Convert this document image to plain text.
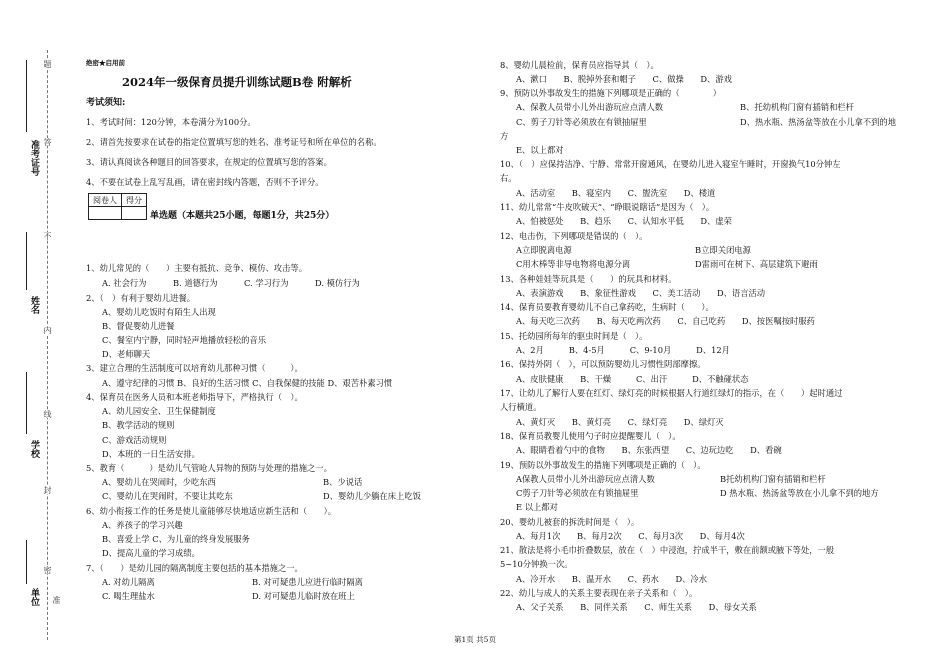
准考证号
姓名
学校
单位
题
答
不
内
线
封
密
准
绝密★启用前
2024年一级保育员提升训练试题B卷 附解析
考试须知:
1、考试时间：120分钟，本卷满分为100分。
2、请首先按要求在试卷的指定位置填写您的姓名、准考证号和所在单位的名称。
3、请认真阅读各种题目的回答要求，在规定的位置填写您的答案。
4、不要在试卷上乱写乱画，请在密封线内答题，否则不予评分。
单选题（本题共25小题，每题1分，共25分）
1、幼儿常见的（　　）主要有抵抗、竞争、模仿、攻击等。
A. 社会行为	B. 道德行为	C. 学习行为	D. 模仿行为
2、（　）有利于婴幼儿进餐。
A、婴幼儿吃饭时有陌生人出现
B、督促婴幼儿进餐
C、餐室内宁静，同时轻声地播放轻松的音乐
D、老师聊天
3、建立合理的生活制度可以培育幼儿那种习惯（　　　）。
A、遵守纪律的习惯 B、良好的生活习惯 C、自我保健的技能 D、艰苦朴素习惯
4、保育员在医务人员和本班老师指导下，严格执行（　）。
A、幼儿园安全、卫生保健制度
B、教学活动的规则
C、游戏活动规则
D、本班的一日生活安排。
5、教育（　　　）是幼儿气管呛人异物的预防与处理的措施之一。
A、婴幼儿在哭闹时，少吃东西	B、少说话
C、婴幼儿在哭闹时，不要让其吃东	D、婴幼儿少躺在床上吃饭
6、幼小衔接工作的任务是使儿童能够尽快地适应新生活和（　　）。
A、养孩子的学习兴趣
B、喜爱上学 C、为儿童的终身发展服务
D、提高儿童的学习成绩。
7、（　　）是幼儿园的隔离制度主要包括的基本措施之一。
A. 对幼儿隔离	B. 对可疑患儿应进行临时隔离
C. 喝生理盐水	D. 对可疑患儿临时放在班上
阅卷人	得分

8、婴幼儿晨检前，保育员应指导其（　）。
A、漱口　　B、脱掉外套和帽子　　C、做操　　D、游戏
9、预防以外事故发生的措施下列哪项是正确的（　　　　）
A、保教人员带小儿外出游玩应点清人数	B、托幼机构门窗有插销和栏杆
C、剪子刀针等必须放在有锁抽屉里	D、热水瓶、热汤盆等放在小儿拿不到的地
方
E、以上都对
10、（　）应保持洁净、宁静、常常开窗通风，在婴幼儿进入寝室午睡时，开窗换气10分钟左
右。
A、活动室　　B、寝室内　　C、盥洗室　　D、楼道
11、幼儿常常“牛皮吹破天”、“睁眼说瞎话”是因为（　）。
A、怕被惩处　　B、趋乐　　C、认知水平低　　D、虚荣
12、电击伤，下列哪项是错误的（　）。
A立即脱离电源	B立即关闭电源
C用木棒等非导电物将电源分离	D雷雨可在树下、高层建筑下避雨
13、各种娃娃等玩具是（　　）的玩具和材料。
A、表演游戏　　B、象征性游戏　　C、美工活动　　D、语言活动
14、保育员要教育婴幼儿不自己拿药吃，生病时（　　）。
A、每天吃三次药　　B、每天吃两次药　　C、自己吃药　　D、按医嘱按时服药
15、托幼园所每年的驱虫时间是（　）。
A、2月　　　B、4-5月　　　C、9-10月　　　D、12月
16、保持外阴（　），可以预防婴幼儿习惯性阴部摩擦。
A、皮肤健康　　B、干燥　　　C、出汗　　　D、不触碰状态
17、让幼儿了解行人要在红灯、绿灯亮的时候根据人行道红绿灯的指示，在（　　）起时通过
人行横道。
A、黄灯灭　　B、黄灯亮　　C、绿灯亮　　D、绿灯灭
18、保育员教婴儿使用勺子时应提醒婴儿（　）。
A、眼睛看着勺中的食物　　B、东张西望　　C、边玩边吃　　D、看碗
19、预防以外事故发生的措施下列哪项是正确的（　）。
A保教人员带小儿外出游玩应点清人数	B托幼机构门窗有插销和栏杆
C剪子刀针等必须放在有锁抽屉里	D 热水瓶、热汤盆等放在小儿拿不到的地方
E 以上都对
20、婴幼儿被套的拆洗时间是（　）。
A、每月1次　　B、每月2次　　C、每月3次　　D、每月4次
21、散法是将小毛巾折叠数层，放在（　）中浸泡，拧成半干，敷在前额或腋下等处，一般
5~10分钟换一次。
A、冷开水　　B、温开水　　C、药水　　D、冷水
22、幼儿与成人的关系主要表现在亲子关系和（　）。
A、父子关系　　B、同伴关系　　C、师生关系　　D、母女关系
第1页 共5页
